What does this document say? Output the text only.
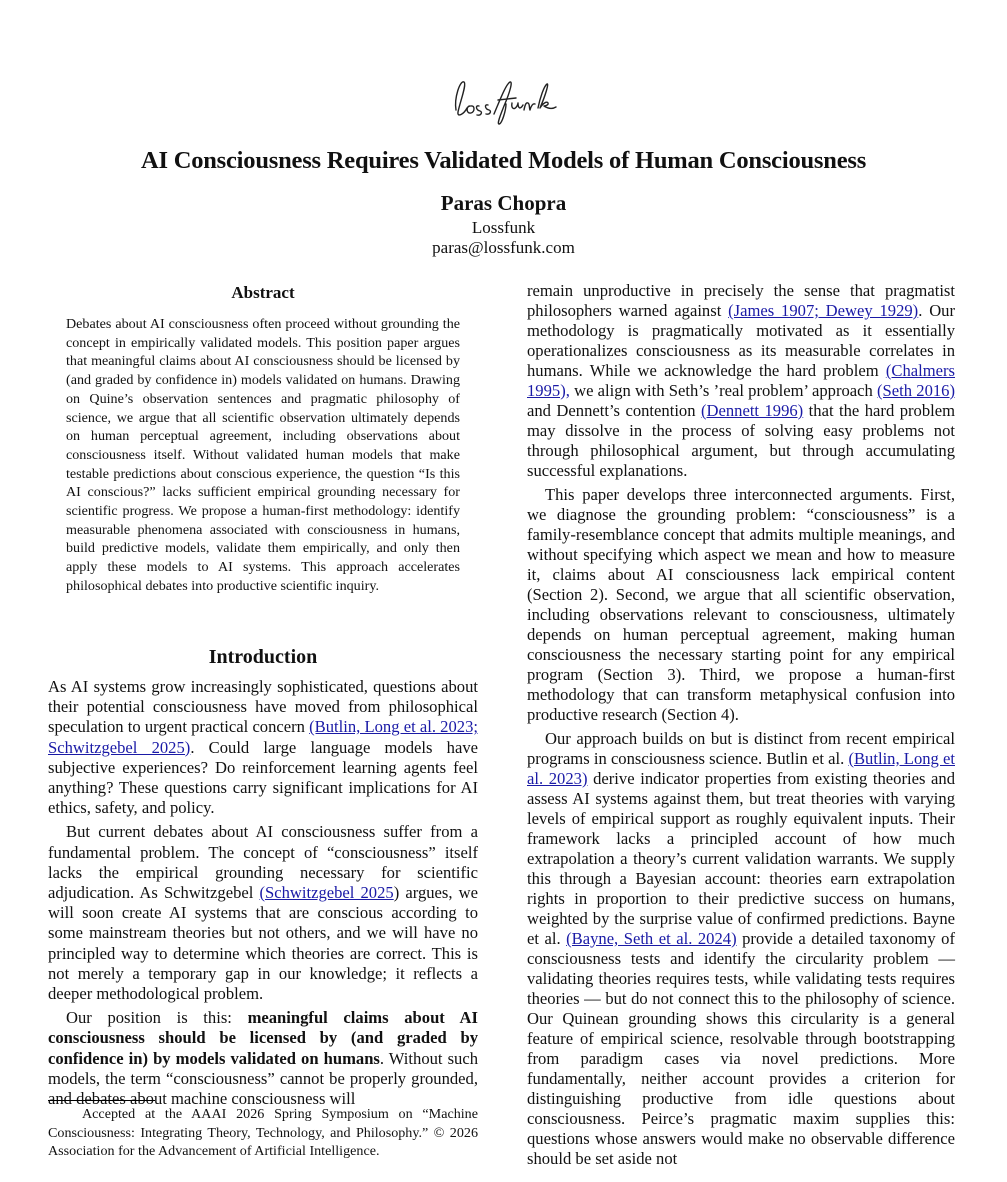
AI Consciousness Requires Validated Models of Human Consciousness
Paras Chopra
Lossfunk
paras@lossfunk.com
Abstract
Debates about AI consciousness often proceed without grounding the concept in empirically validated models. This position paper argues that meaningful claims about AI consciousness should be licensed by (and graded by confidence in) models validated on humans. Drawing on Quine’s observation sentences and pragmatic philosophy of science, we argue that all scientific observation ultimately depends on human perceptual agreement, including observations about consciousness itself. Without validated human models that make testable predictions about conscious experience, the question “Is this AI conscious?” lacks sufficient empirical grounding necessary for scientific progress. We propose a human-first methodology: identify measurable phenomena associated with consciousness in humans, build predictive models, validate them empirically, and only then apply these models to AI systems. This approach accelerates philosophical debates into productive scientific inquiry.
Introduction

As AI systems grow increasingly sophisticated, questions about their potential consciousness have moved from philosophical speculation to urgent practical concern (Butlin, Long et al. 2023; Schwitzgebel 2025). Could large language models have subjective experiences? Do reinforcement learning agents feel anything? These questions carry significant implications for AI ethics, safety, and policy.

But current debates about AI consciousness suffer from a fundamental problem. The concept of “consciousness” itself lacks the empirical grounding necessary for scientific adjudication. As Schwitzgebel (Schwitzgebel 2025) argues, we will soon create AI systems that are conscious according to some mainstream theories but not others, and we will have no principled way to determine which theories are correct. This is not merely a temporary gap in our knowledge; it reflects a deeper methodological problem.

Our position is this: meaningful claims about AI consciousness should be licensed by (and graded by confidence in) by models validated on humans. Without such models, the term “consciousness” cannot be properly grounded, and debates about machine consciousness will

remain unproductive in precisely the sense that pragmatist philosophers warned against (James 1907; Dewey 1929). Our methodology is pragmatically motivated as it essentially operationalizes consciousness as its measurable correlates in humans. While we acknowledge the hard problem (Chalmers 1995), we align with Seth’s ’real problem’ approach (Seth 2016) and Dennett’s contention (Dennett 1996) that the hard problem may dissolve in the process of solving easy problems not through philosophical argument, but through accumulating successful explanations.

This paper develops three interconnected arguments. First, we diagnose the grounding problem: “consciousness” is a family-resemblance concept that admits multiple meanings, and without specifying which aspect we mean and how to measure it, claims about AI consciousness lack empirical content (Section 2). Second, we argue that all scientific observation, including observations relevant to consciousness, ultimately depends on human perceptual agreement, making human consciousness the necessary starting point for any empirical program (Section 3). Third, we propose a human-first methodology that can transform metaphysical confusion into productive research (Section 4).

Our approach builds on but is distinct from recent empirical programs in consciousness science. Butlin et al. (Butlin, Long et al. 2023) derive indicator properties from existing theories and assess AI systems against them, but treat theories with varying levels of empirical support as roughly equivalent inputs. Their framework lacks a principled account of how much extrapolation a theory’s current validation warrants. We supply this through a Bayesian account: theories earn extrapolation rights in proportion to their predictive success on humans, weighted by the surprise value of confirmed predictions. Bayne et al. (Bayne, Seth et al. 2024) provide a detailed taxonomy of consciousness tests and identify the circularity problem — validating theories requires tests, while validating tests requires theories — but do not connect this to the philosophy of science. Our Quinean grounding shows this circularity is a general feature of empirical science, resolvable through bootstrapping from paradigm cases via novel predictions. More fundamentally, neither account provides a criterion for distinguishing productive from idle questions about consciousness. Peirce’s pragmatic maxim supplies this: questions whose answers would make no observable difference should be set aside not

Accepted at the AAAI 2026 Spring Symposium on “Machine Consciousness: Integrating Theory, Technology, and Philosophy.” © 2026 Association for the Advancement of Artificial Intelligence.
